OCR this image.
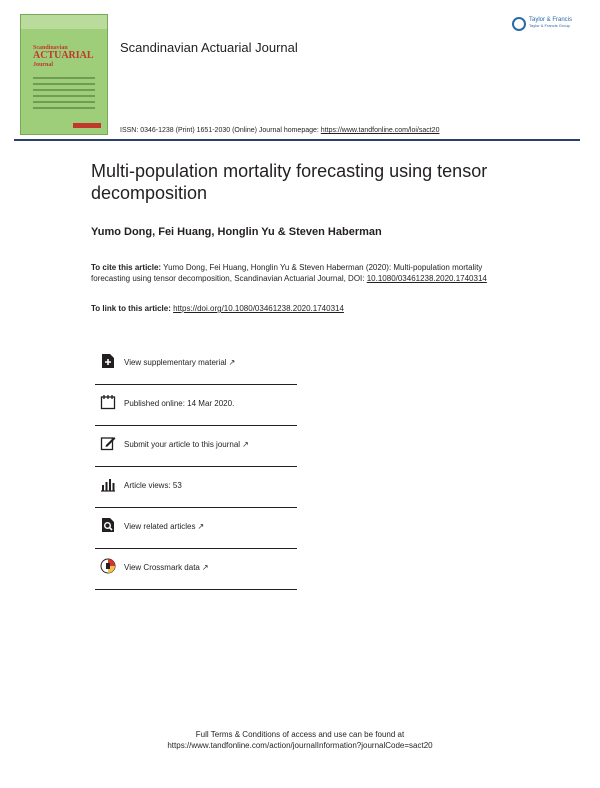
Scandinavian
ACTUARIAL
Journal
Scandinavian Actuarial Journal
Taylor & Francis
Taylor & Francis Group
ISSN: 0346-1238 (Print) 1651-2030 (Online) Journal homepage: https://www.tandfonline.com/loi/sact20
Multi-population mortality forecasting using tensor decomposition
Yumo Dong, Fei Huang, Honglin Yu & Steven Haberman
To cite this article: Yumo Dong, Fei Huang, Honglin Yu & Steven Haberman (2020): Multi-population mortality forecasting using tensor decomposition, Scandinavian Actuarial Journal, DOI: 10.1080/03461238.2020.1740314
To link to this article: https://doi.org/10.1080/03461238.2020.1740314
View supplementary material ↗
Published online: 14 Mar 2020.
Submit your article to this journal ↗
Article views: 53
View related articles ↗
View Crossmark data ↗
Full Terms & Conditions of access and use can be found at
https://www.tandfonline.com/action/journalInformation?journalCode=sact20
